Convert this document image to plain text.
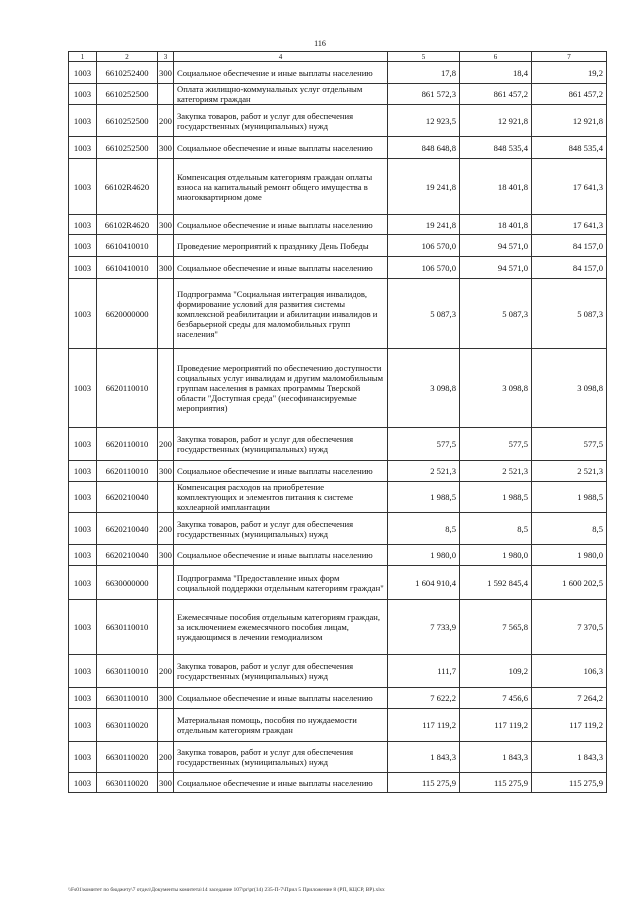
116
1	2	3	4	5	6	7
1003	6610252400	300	Социальное обеспечение и иные выплаты населению	17,8	18,4	19,2
1003	6610252500		Оплата жилищно-коммунальных услуг отдельным категориям граждан	861 572,3	861 457,2	861 457,2
1003	6610252500	200	Закупка товаров, работ и услуг для обеспечения государственных (муниципальных) нужд	12 923,5	12 921,8	12 921,8
1003	6610252500	300	Социальное обеспечение и иные выплаты населению	848 648,8	848 535,4	848 535,4
1003	66102R4620		Компенсация отдельным категориям граждан оплаты взноса на капитальный ремонт общего имущества в многоквартирном доме	19 241,8	18 401,8	17 641,3
1003	66102R4620	300	Социальное обеспечение и иные выплаты населению	19 241,8	18 401,8	17 641,3
1003	6610410010		Проведение мероприятий к празднику День Победы	106 570,0	94 571,0	84 157,0
1003	6610410010	300	Социальное обеспечение и иные выплаты населению	106 570,0	94 571,0	84 157,0
1003	6620000000		Подпрограмма "Социальная интеграция инвалидов, формирование условий для развития системы комплексной реабилитации и абилитации инвалидов и безбарьерной среды для маломобильных групп населения"	5 087,3	5 087,3	5 087,3
1003	6620110010		Проведение мероприятий по обеспечению доступности социальных услуг инвалидам и другим маломобильным группам населения в рамках программы Тверской области "Доступная среда" (несофинансируемые мероприятия)	3 098,8	3 098,8	3 098,8
1003	6620110010	200	Закупка товаров, работ и услуг для обеспечения государственных (муниципальных) нужд	577,5	577,5	577,5
1003	6620110010	300	Социальное обеспечение и иные выплаты населению	2 521,3	2 521,3	2 521,3
1003	6620210040		Компенсация расходов на приобретение комплектующих и элементов питания к системе кохлеарной имплантации	1 988,5	1 988,5	1 988,5
1003	6620210040	200	Закупка товаров, работ и услуг для обеспечения государственных (муниципальных) нужд	8,5	8,5	8,5
1003	6620210040	300	Социальное обеспечение и иные выплаты населению	1 980,0	1 980,0	1 980,0
1003	6630000000		Подпрограмма "Предоставление иных форм социальной поддержки отдельным категориям граждан"	1 604 910,4	1 592 845,4	1 600 202,5
1003	6630110010		Ежемесячные пособия отдельным категориям граждан, за исключением ежемесячного пособия лицам, нуждающимся в лечении гемодиализом	7 733,9	7 565,8	7 370,5
1003	6630110010	200	Закупка товаров, работ и услуг для обеспечения государственных (муниципальных) нужд	111,7	109,2	106,3
1003	6630110010	300	Социальное обеспечение и иные выплаты населению	7 622,2	7 456,6	7 264,2
1003	6630110020		Материальная помощь, пособия по нуждаемости отдельным категориям граждан	117 119,2	117 119,2	117 119,2
1003	6630110020	200	Закупка товаров, работ и услуг для обеспечения государственных (муниципальных) нужд	1 843,3	1 843,3	1 843,3
1003	6630110020	300	Социальное обеспечение и иные выплаты населению	115 275,9	115 275,9	115 275,9
\\Fs01\комитет по бюджету\7 отдел\Документы комитета\14 заседание 107\pr\pr(14) 235-П-7\Прил 5 Приложение 8 (РП, КЦСР, ВР).xlsx
